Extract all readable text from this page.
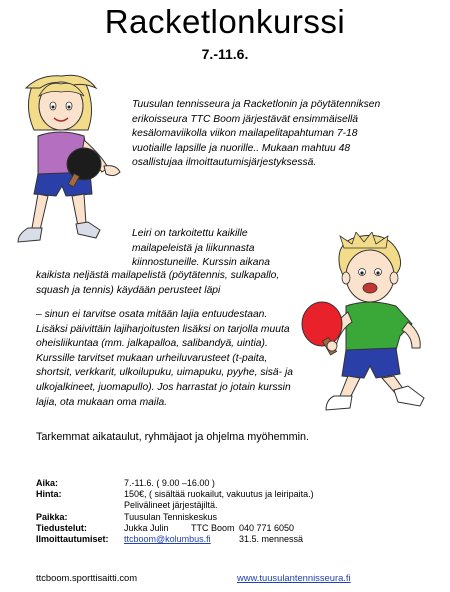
Racketlonkurssi
7.-11.6.
Tuusulan tennisseura ja Racketlonin ja pöytätenniksen
erikoisseura TTC Boom järjestävät ensimmäisellä
kesälomaviikolla viikon mailapelitapahtuman 7-18
vuotiaille lapsille ja nuorille.. Mukaan mahtuu 48
osallistujaa ilmoittautumisjärjestyksessä.
Leiri on tarkoitettu kaikille
mailapeleistä ja liikunnasta
kiinnostuneille. Kurssin aikana
kaikista neljästä mailapelistä (pöytätennis, sulkapallo,
squash ja tennis) käydään perusteet läpi
– sinun ei tarvitse osata mitään lajia entuudestaan.
Lisäksi päivittäin lajiharjoitusten lisäksi on tarjolla muuta
oheisliikuntaa (mm. jalkapalloa, salibandyä, uintia).
Kurssille tarvitset mukaan urheiluvarusteet (t-paita,
shortsit, verkkarit, ulkoilupuku, uimapuku, pyyhe, sisä- ja
ulkojalkineet, juomapullo). Jos harrastat jo jotain kurssin
lajia, ota mukaan oma maila.
Tarkemmat aikataulut, ryhmäjaot ja ohjelma myöhemmin.
Aika:	7.-11.6. ( 9.00 –16.00 )
Hinta:	150€, ( sisältää ruokailut, vakuutus ja leiripaita.)
Pelivälineet järjestäjiltä.
Paikka:	Tuusulan Tenniskeskus
Tiedustelut:	Jukka Julin TTC Boom 040 771 6050
Ilmoittautumiset: ttcboom@kolumbus.fi	31.5. mennessä
ttcboom.sporttisaitti.com	www.tuusulantennisseura.fi
